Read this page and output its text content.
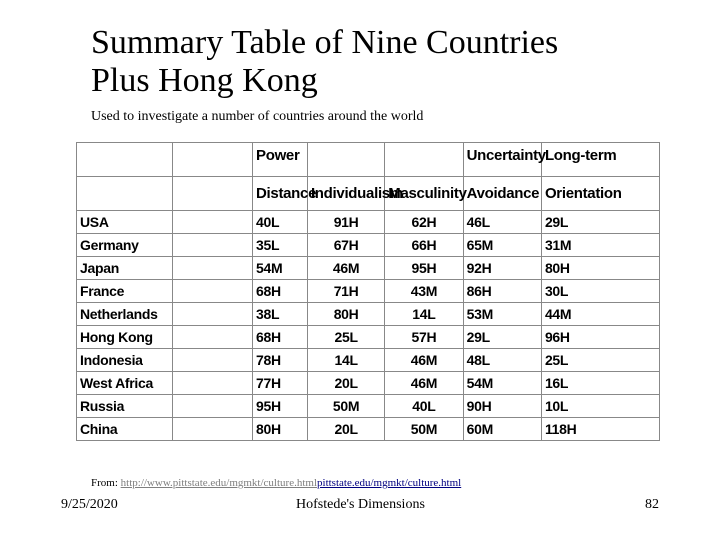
Summary Table of Nine Countries
Plus Hong Kong
Used to investigate a number of countries around the world
		Power			Uncertainty	Long-term
		Distance	Individualism	Masculinity	Avoidance	Orientation
USA		40L	91H	62H	46L	29L
Germany		35L	67H	66H	65M	31M
Japan		54M	46M	95H	92H	80H
France		68H	71H	43M	86H	30L
Netherlands		38L	80H	14L	53M	44M
Hong Kong		68H	25L	57H	29L	96H
Indonesia		78H	14L	46M	48L	25L
West Africa		77H	20L	46M	54M	16L
Russia		95H	50M	40L	90H	10L
China		80H	20L	50M	60M	118H
From: http://www.pittstate.edu/mgmkt/culture.htmlpittstate.edu/mgmkt/culture.html
9/25/2020	Hofstede's Dimensions	82
